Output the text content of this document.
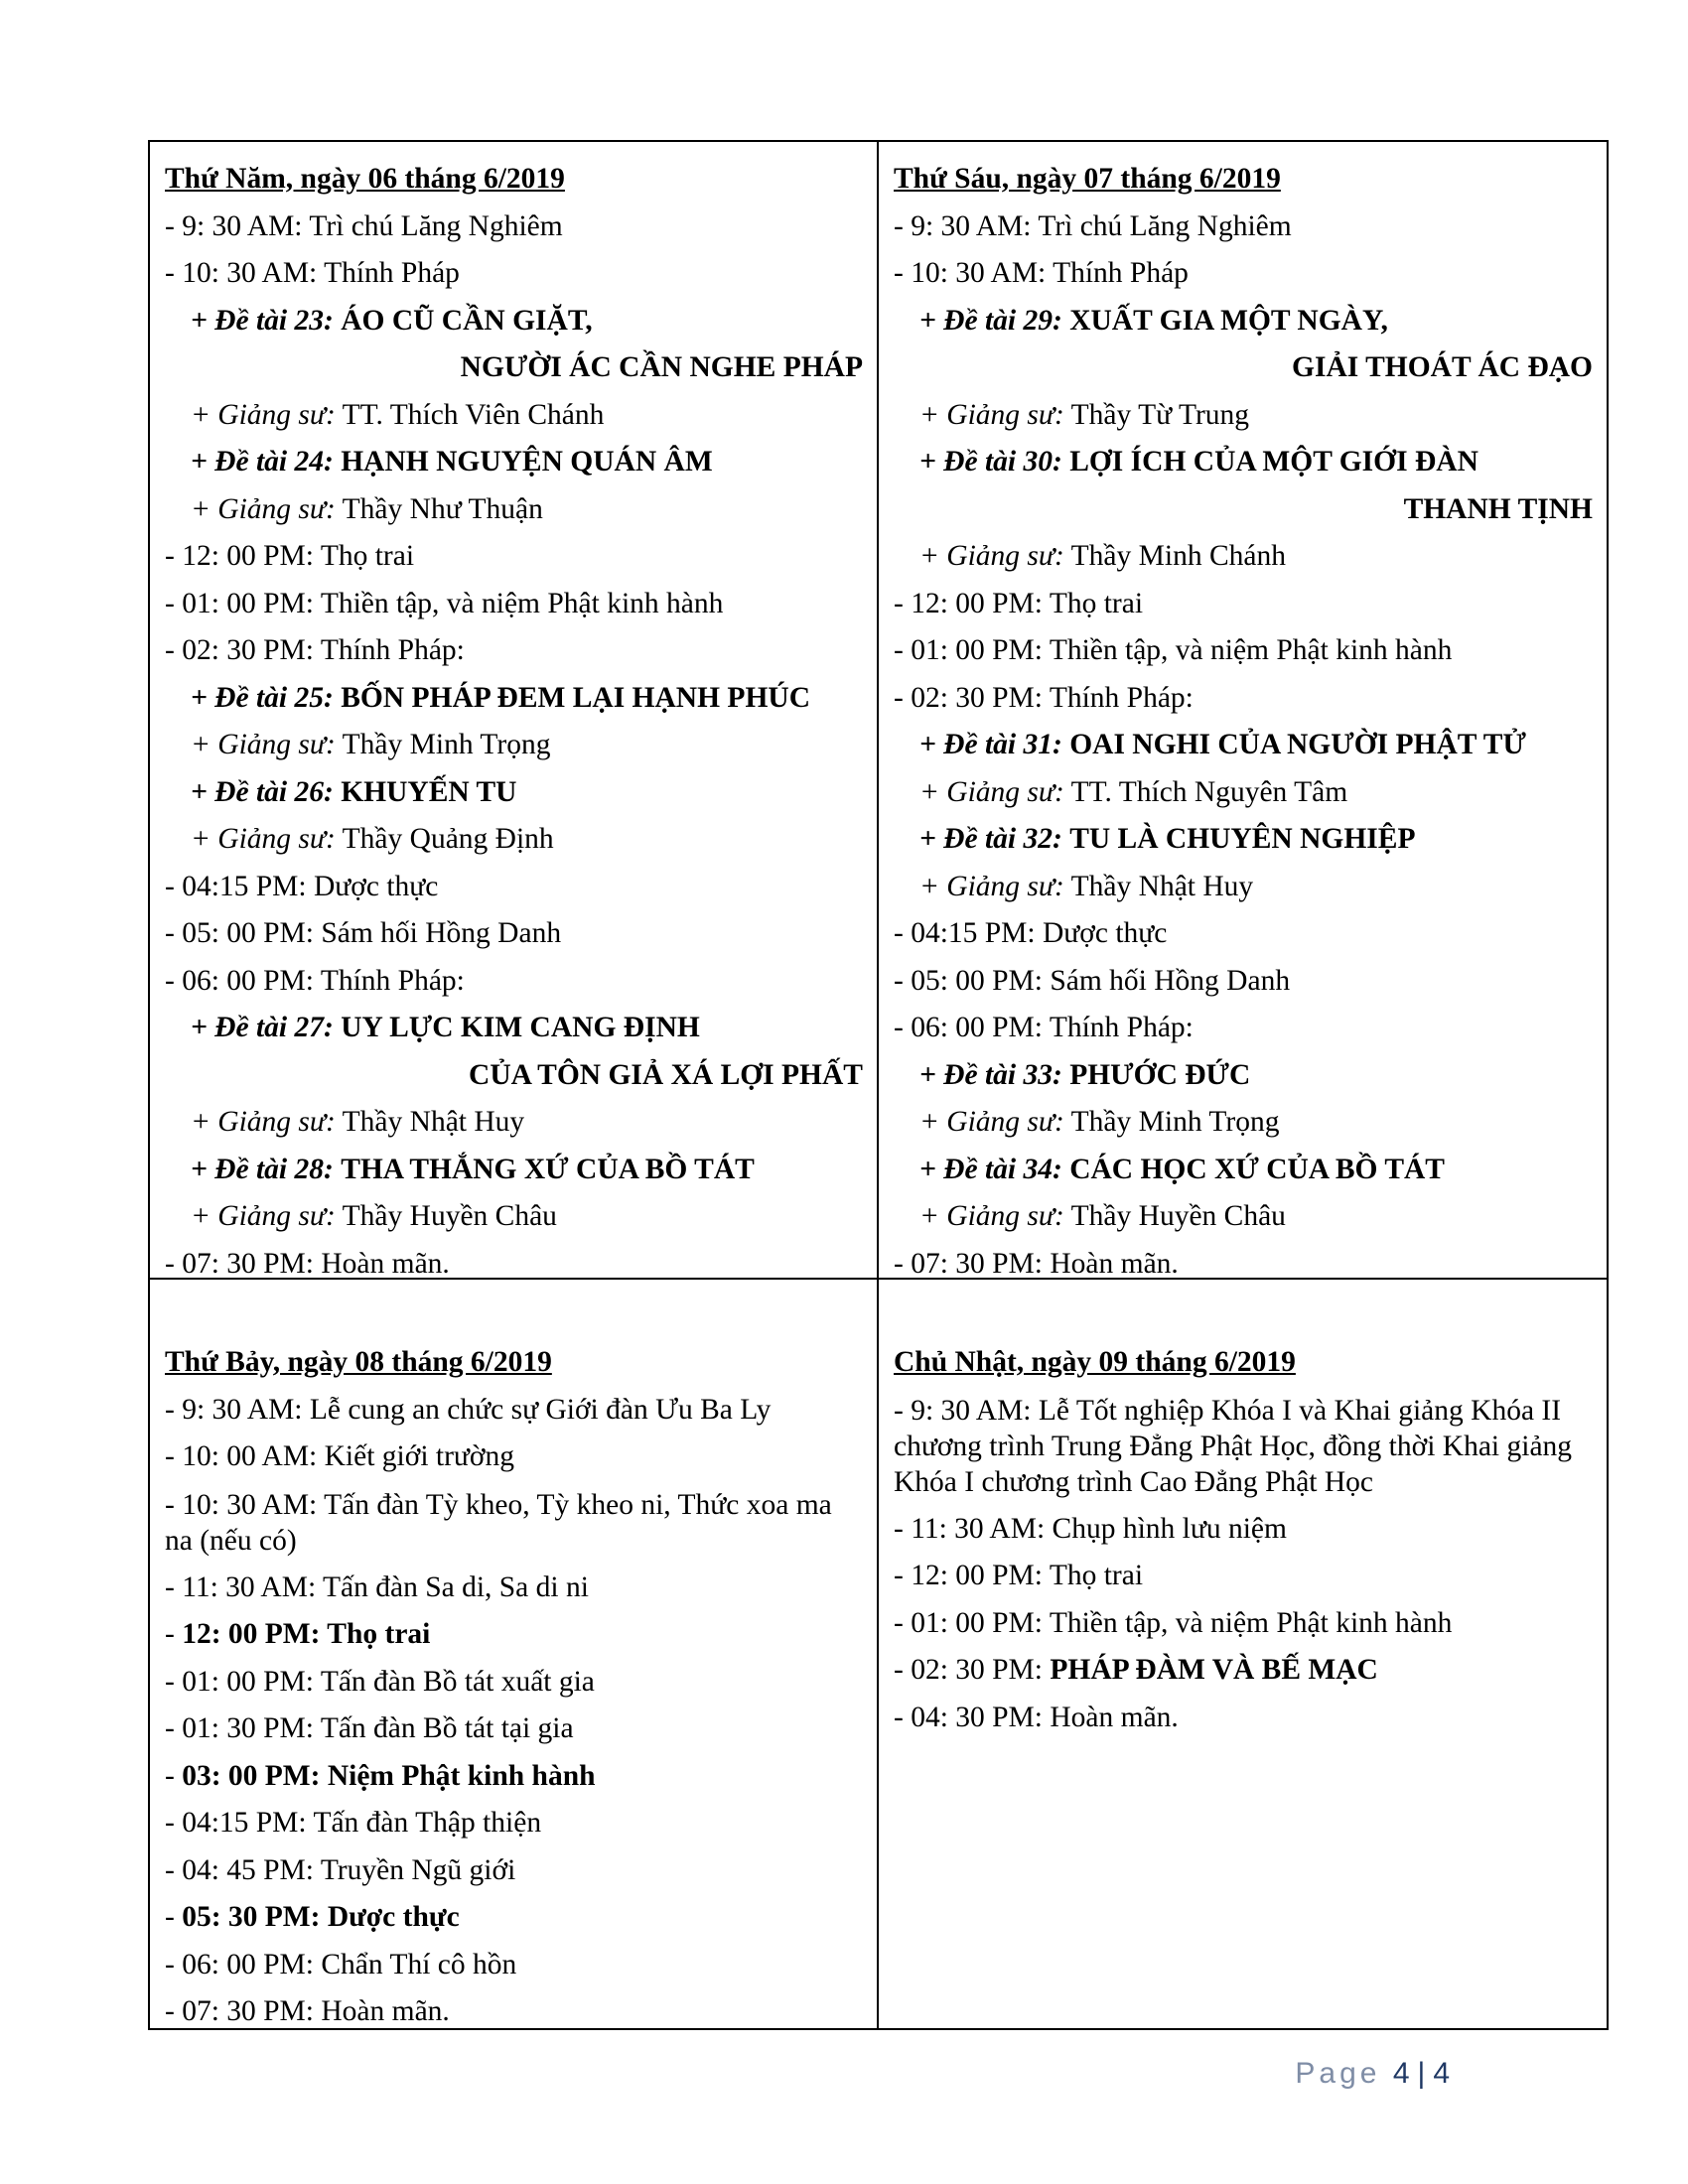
Thứ Năm, ngày 06 tháng 6/2019
- 9: 30 AM: Trì chú Lăng Nghiêm
- 10: 30 AM: Thính Pháp
+ Đề tài 23: ÁO CŨ CẦN GIẶT,
NGƯỜI ÁC CẦN NGHE PHÁP
+ Giảng sư: TT. Thích Viên Chánh
+ Đề tài 24: HẠNH NGUYỆN QUÁN ÂM
+ Giảng sư: Thầy Như Thuận
- 12: 00 PM: Thọ trai
- 01: 00 PM: Thiền tập, và niệm Phật kinh hành
- 02: 30 PM: Thính Pháp:
+ Đề tài 25: BỐN PHÁP ĐEM LẠI HẠNH PHÚC
+ Giảng sư: Thầy Minh Trọng
+ Đề tài 26: KHUYẾN TU
+ Giảng sư: Thầy Quảng Định
- 04:15 PM: Dược thực
- 05: 00 PM: Sám hối Hồng Danh
- 06: 00 PM: Thính Pháp:
+ Đề tài 27: UY LỰC KIM CANG ĐỊNH
CỦA TÔN GIẢ XÁ LỢI PHẤT
+ Giảng sư: Thầy Nhật Huy
+ Đề tài 28: THA THẮNG XỨ CỦA BỒ TÁT
+ Giảng sư: Thầy Huyền Châu
- 07: 30 PM: Hoàn mãn.
Thứ Sáu, ngày 07 tháng 6/2019
- 9: 30 AM: Trì chú Lăng Nghiêm
- 10: 30 AM: Thính Pháp
+ Đề tài 29: XUẤT GIA MỘT NGÀY,
GIẢI THOÁT ÁC ĐẠO
+ Giảng sư: Thầy Từ Trung
+ Đề tài 30: LỢI ÍCH CỦA MỘT GIỚI ĐÀN
THANH TỊNH
+ Giảng sư: Thầy Minh Chánh
- 12: 00 PM: Thọ trai
- 01: 00 PM: Thiền tập, và niệm Phật kinh hành
- 02: 30 PM: Thính Pháp:
+ Đề tài 31: OAI NGHI CỦA NGƯỜI PHẬT TỬ
+ Giảng sư: TT. Thích Nguyên Tâm
+ Đề tài 32: TU LÀ CHUYÊN NGHIỆP
+ Giảng sư: Thầy Nhật Huy
- 04:15 PM: Dược thực
- 05: 00 PM: Sám hối Hồng Danh
- 06: 00 PM: Thính Pháp:
+ Đề tài 33: PHƯỚC ĐỨC
+ Giảng sư: Thầy Minh Trọng
+ Đề tài 34: CÁC HỌC XỨ CỦA BỒ TÁT
+ Giảng sư: Thầy Huyền Châu
- 07: 30 PM: Hoàn mãn.
Thứ Bảy, ngày 08 tháng 6/2019
- 9: 30 AM: Lễ cung an chức sự Giới đàn Ưu Ba Ly
- 10: 00 AM: Kiết giới trường
- 10: 30 AM: Tấn đàn Tỳ kheo, Tỳ kheo ni, Thức xoa ma na (nếu có)
- 11: 30 AM: Tấn đàn Sa di, Sa di ni
- 12: 00 PM: Thọ trai
- 01: 00 PM: Tấn đàn Bồ tát xuất gia
- 01: 30 PM: Tấn đàn Bồ tát tại gia
- 03: 00 PM: Niệm Phật kinh hành
- 04:15 PM: Tấn đàn Thập thiện
- 04: 45 PM: Truyền Ngũ giới
- 05: 30 PM: Dược thực
- 06: 00 PM: Chẩn Thí cô hồn
- 07: 30 PM: Hoàn mãn.
Chủ Nhật, ngày 09 tháng 6/2019
- 9: 30 AM: Lễ Tốt nghiệp Khóa I và Khai giảng Khóa II chương trình Trung Đẳng Phật Học, đồng thời Khai giảng Khóa I chương trình Cao Đẳng Phật Học
- 11: 30 AM: Chụp hình lưu niệm
- 12: 00 PM: Thọ trai
- 01: 00 PM: Thiền tập, và niệm Phật kinh hành
- 02: 30 PM: PHÁP ĐÀM VÀ BẾ MẠC
- 04: 30 PM: Hoàn mãn.
Page 4 | 4
